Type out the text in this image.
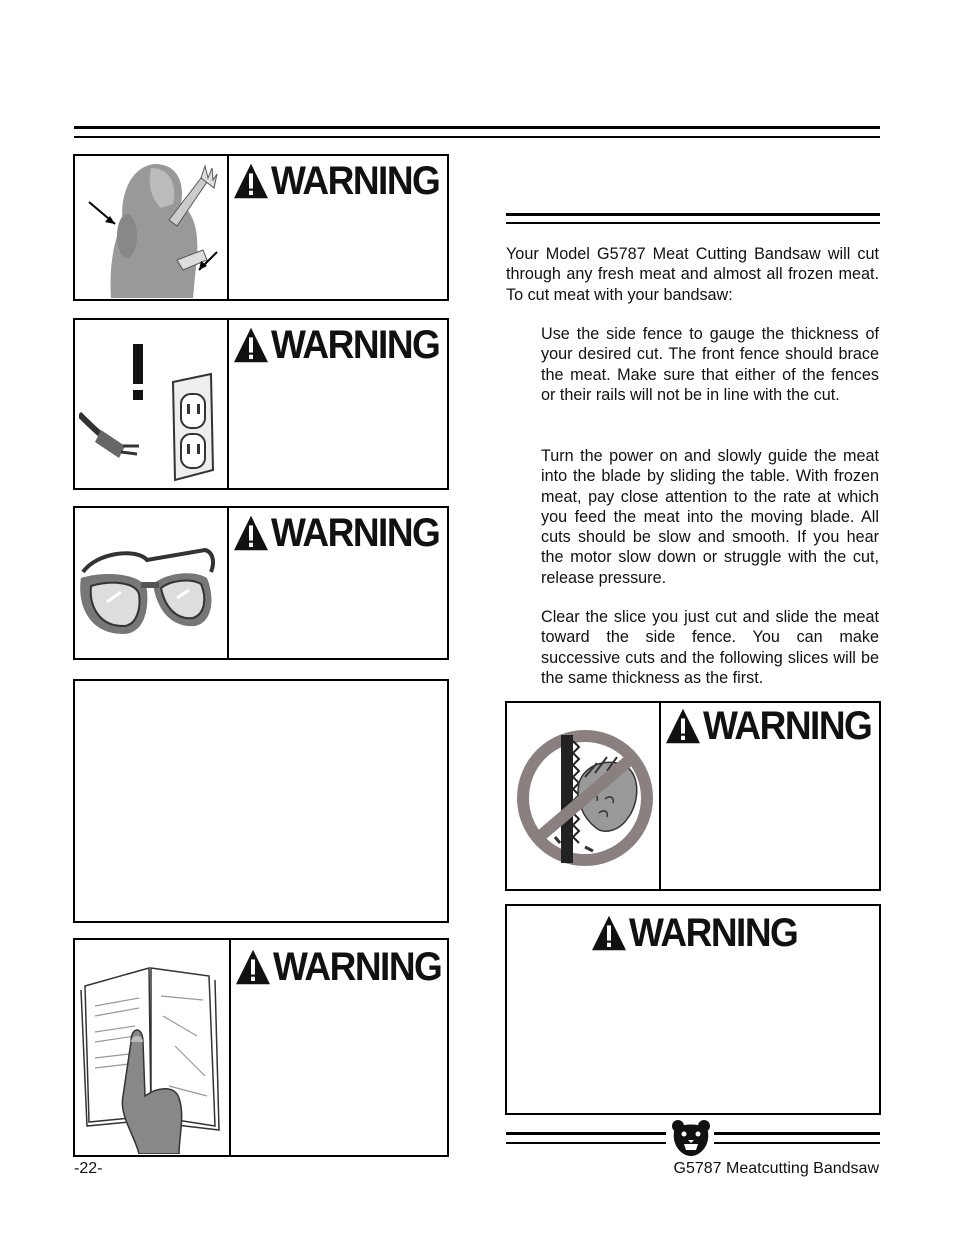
WARNING
WARNING
WARNING
WARNING
Your Model G5787 Meat Cutting Bandsaw will cut through any fresh meat and almost all frozen meat. To cut meat with your bandsaw:
Use the side fence to gauge the thickness of your desired cut. The front fence should brace the meat. Make sure that either of the fences or their rails will not be in line with the cut.
Turn the power on and slowly guide the meat into the blade by sliding the table. With frozen meat, pay close attention to the rate at which you feed the meat into the moving blade. All cuts should be slow and smooth. If you hear the motor slow down or struggle with the cut, release pressure.
Clear the slice you just cut and slide the meat toward the side fence. You can make successive cuts and the following slices will be the same thickness as the first.
WARNING
WARNING
-22-	G5787 Meatcutting Bandsaw
